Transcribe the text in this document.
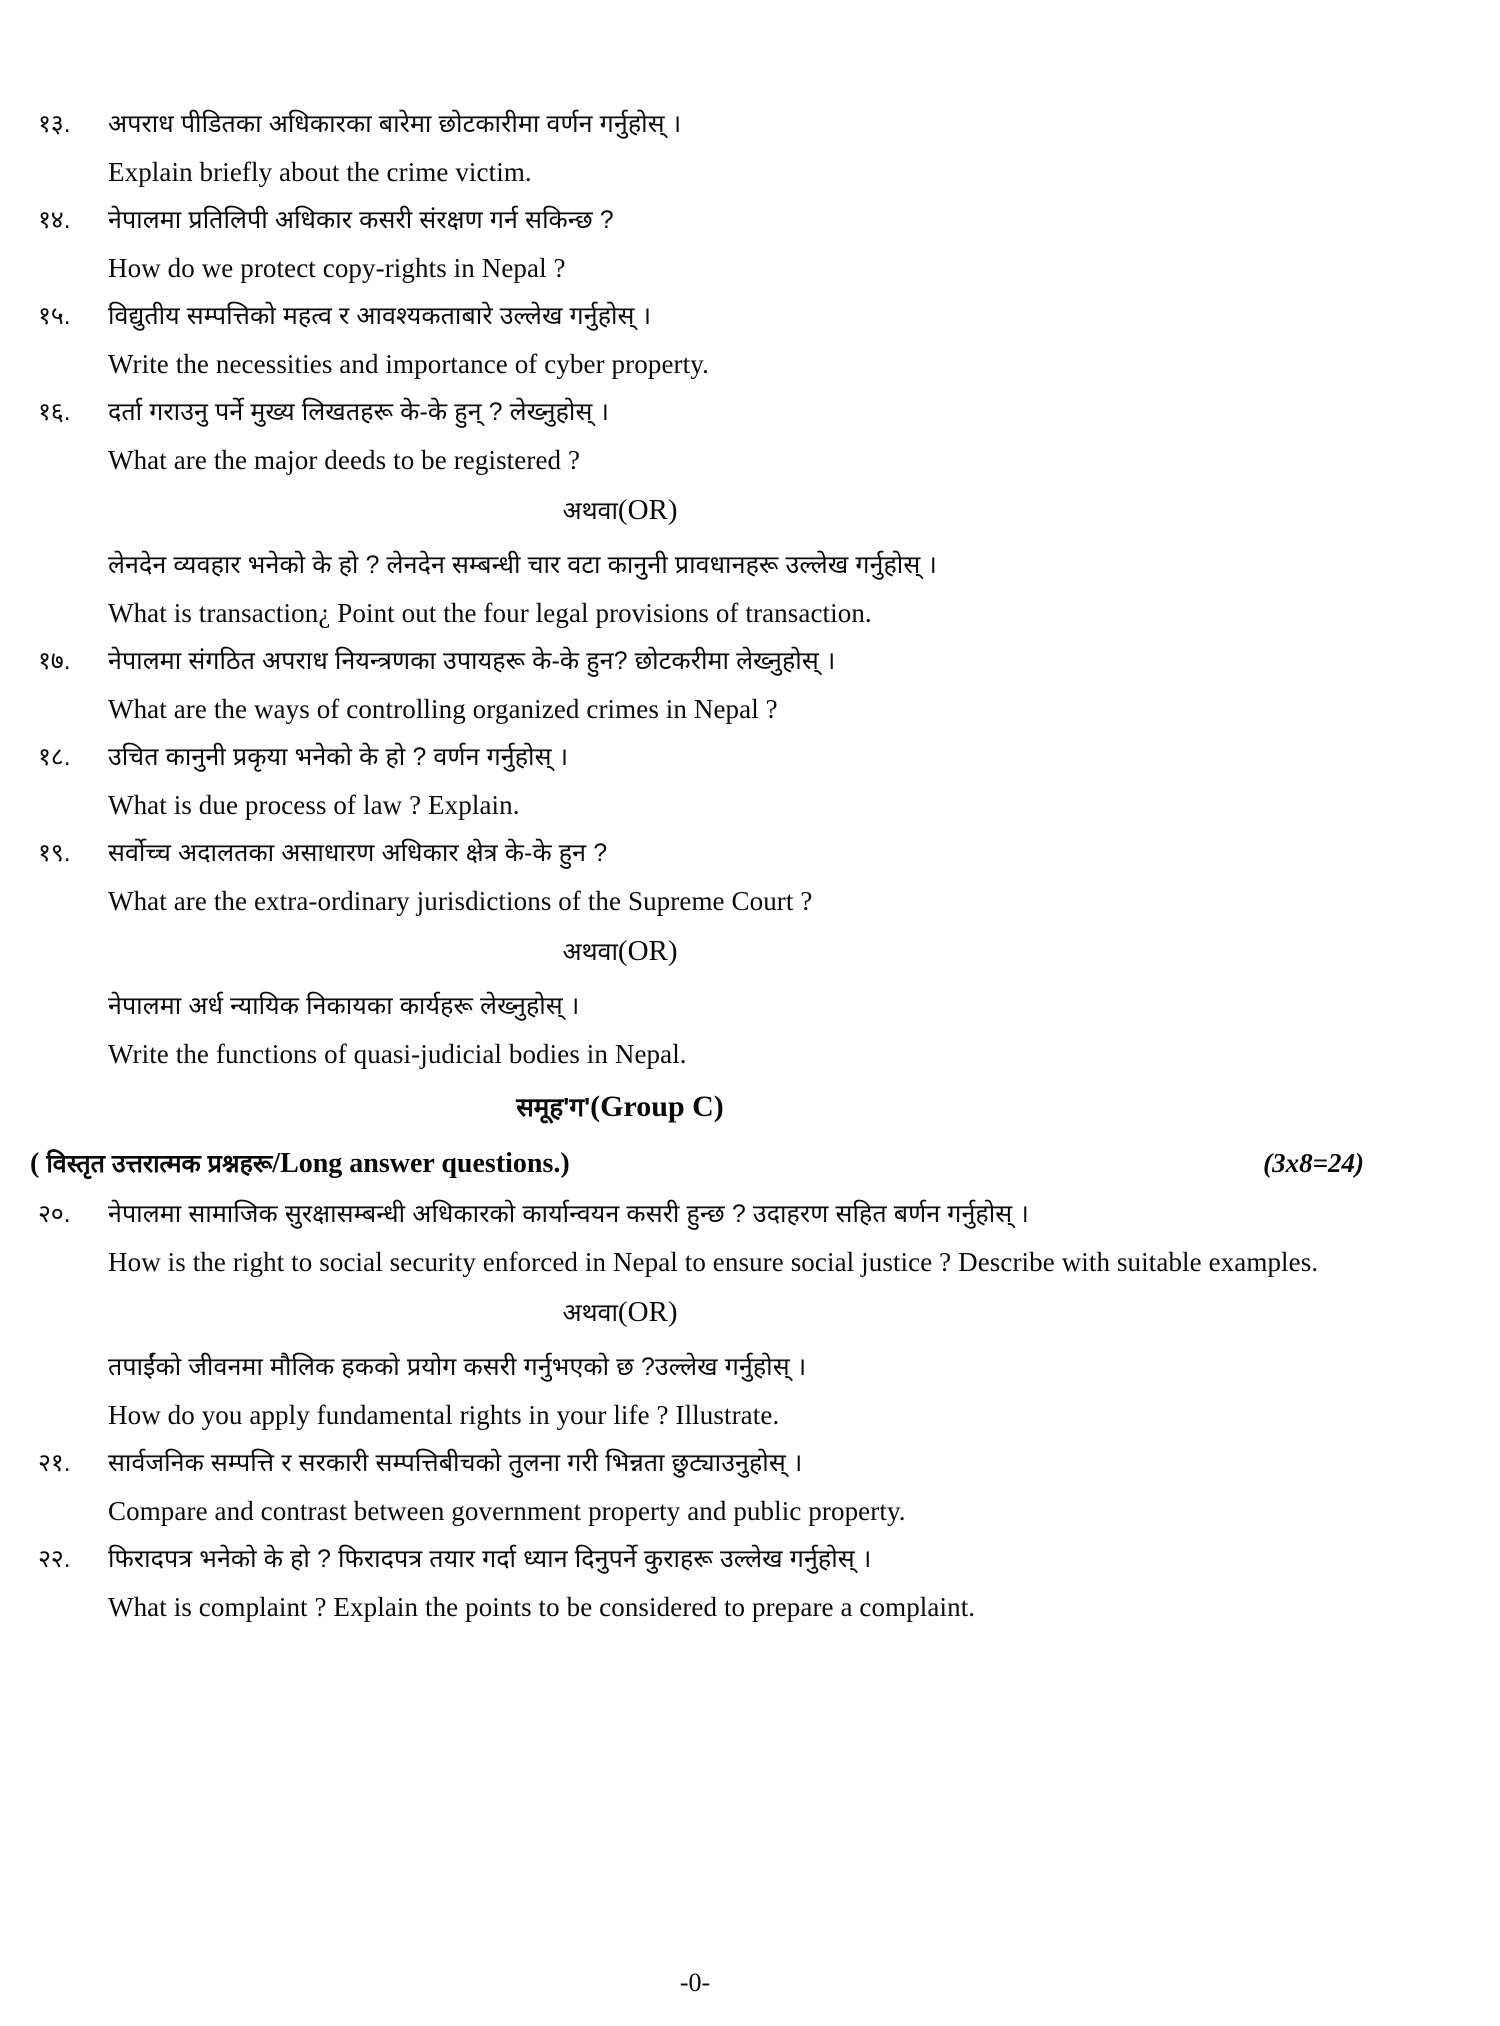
१३.	अपराध पीडितका अधिकारका बारेमा छोटकारीमा वर्णन गर्नुहोस् ।
Explain briefly about the crime victim.
१४.	नेपालमा प्रतिलिपी अधिकार कसरी संरक्षण गर्न सकिन्छ ?
How do we protect copy-rights in Nepal ?
१५.	विद्युतीय सम्पत्तिको महत्व र आवश्यकताबारे उल्लेख गर्नुहोस् ।
Write the necessities and importance of cyber property.
१६.	दर्ता गराउनु पर्ने मुख्य लिखतहरू के-के हुन् ? लेख्नुहोस् ।
What are the major deeds to be registered ?
अथवा(OR)
लेनदेन व्यवहार भनेको के हो ? लेनदेन सम्बन्धी चार वटा कानुनी प्रावधानहरू उल्लेख गर्नुहोस् ।
What is transaction¿ Point out the four legal provisions of transaction.
१७.	नेपालमा संगठित अपराध नियन्त्रणका उपायहरू के-के हुन? छोटकरीमा लेख्नुहोस् ।
What are the ways of controlling organized crimes in Nepal ?
१८.	उचित कानुनी प्रकृया भनेको के हो ? वर्णन गर्नुहोस् ।
What is due process of law ? Explain.
१९.	सर्वोच्च अदालतका असाधारण अधिकार क्षेत्र के-के हुन ?
What are the extra-ordinary jurisdictions of the Supreme Court ?
अथवा(OR)
नेपालमा अर्ध न्यायिक निकायका कार्यहरू लेख्नुहोस् ।
Write the functions of quasi-judicial bodies in Nepal.
समूह'ग'(Group C)
( विस्तृत उत्तरात्मक प्रश्नहरू/Long answer questions.)	(3x8=24)
२०.	नेपालमा सामाजिक सुरक्षासम्बन्धी अधिकारको कार्यान्वयन कसरी हुन्छ ? उदाहरण सहित बर्णन गर्नुहोस् ।
How is the right to social security enforced in Nepal to ensure social justice ? Describe with suitable examples.
अथवा(OR)
तपाईंको जीवनमा मौलिक हकको प्रयोग कसरी गर्नुभएको छ ?उल्लेख गर्नुहोस् ।
How do you apply fundamental rights in your life ? Illustrate.
२१.	सार्वजनिक सम्पत्ति र सरकारी सम्पत्तिबीचको तुलना गरी भिन्नता छुट्याउनुहोस् ।
Compare and contrast between government property and public property.
२२.	फिरादपत्र भनेको के हो ? फिरादपत्र तयार गर्दा ध्यान दिनुपर्ने कुराहरू उल्लेख गर्नुहोस् ।
What is complaint ? Explain the points to be considered to prepare a complaint.
-0-
